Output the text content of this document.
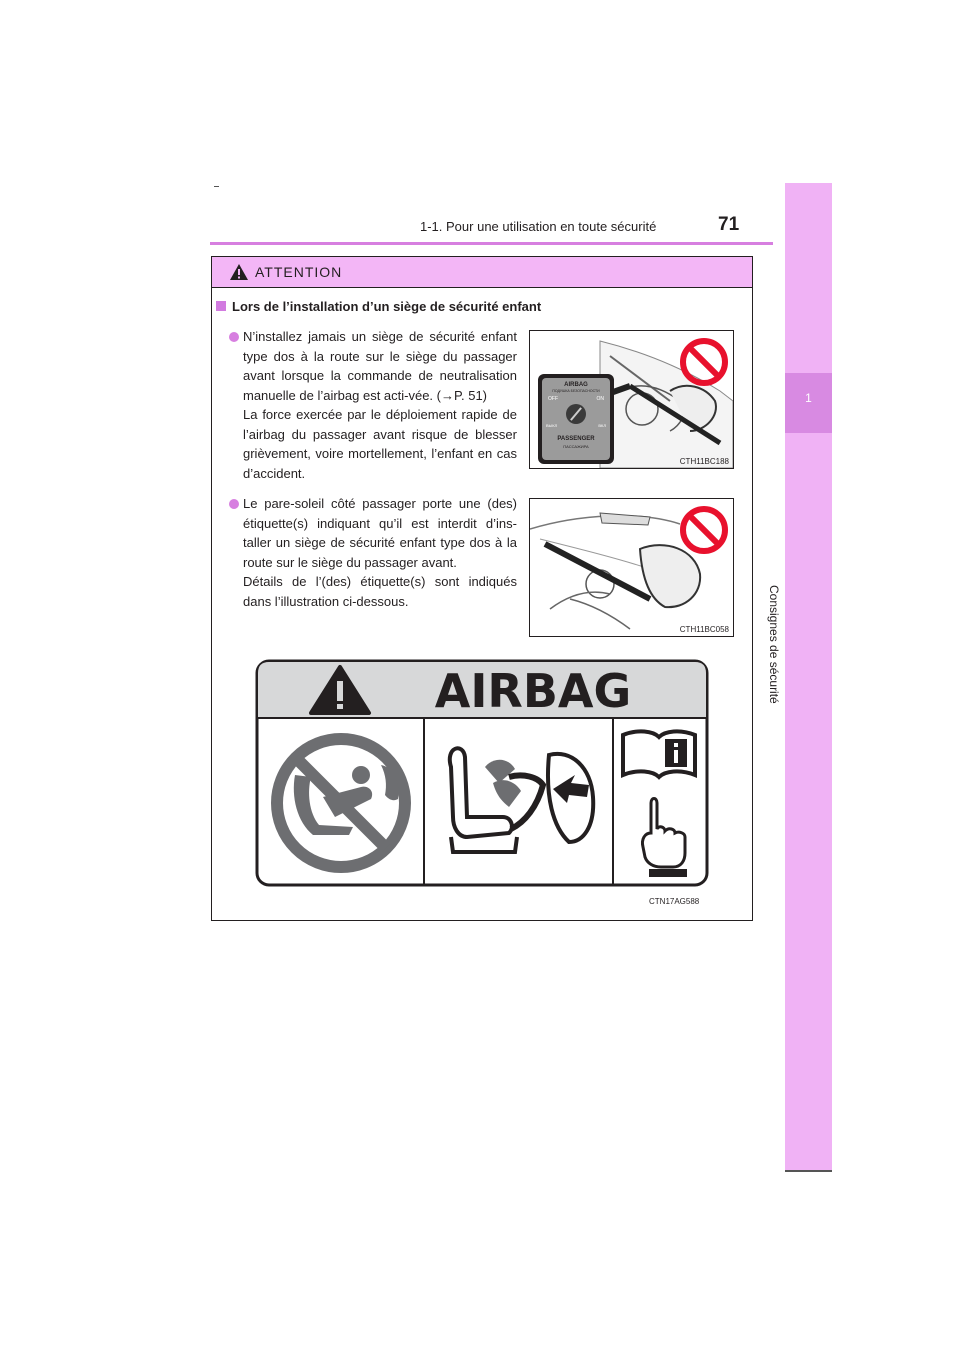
1-1. Pour une utilisation en toute sécurité	71
1
Consignes de sécurité
ATTENTION
Lors de l’installation d’un siège de sécurité enfant

N’installez jamais un siège de sécurité enfant type dos à la route sur le siège du passager avant lorsque la commande de neutralisation manuelle de l’airbag est acti-vée. (→P. 51)

La force exercée par le déploiement rapide de l’airbag du passager avant risque de blesser grièvement, voire mortellement, l’enfant en cas d’accident.

AIRBAG
ПОДУШКА БЕЗОПАСНОСТИ
OFF	ON
ВЫКЛ	ВКЛ
PASSENGER
ПАССАЖИРА
CTH11BC188

Le pare-soleil côté passager porte une (des) étiquette(s) indiquant qu’il est interdit d’ins-taller un siège de sécurité enfant type dos à la route sur le siège du passager avant.

Détails de l’(des) étiquette(s) sont indiqués dans l’illustration ci-dessous.

CTH11BC058
AIRBAG
CTN17AG588
